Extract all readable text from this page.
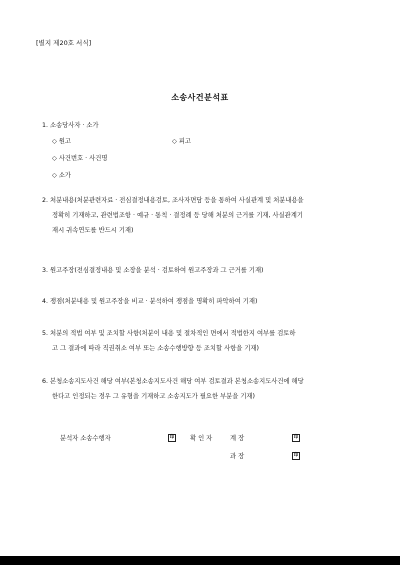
[별지 제20호 서식]
소송사건분석표
1. 소송당사자 · 소가
◇ 원고	◇ 피고
◇ 사건번호 · 사건명
◇ 소가
2. 처분내용(처분관련자료 · 전심결정내용검토, 조사자면담 등을 통하여 사실관계 및 처분내용을
정확히 기재하고, 관련법조항 · 예규 · 통칙 · 결정례 등 당해 처분의 근거를 기재, 사실관계기
재시 귀속연도를 반드시 기재)
3. 원고주장(전심결정내용 및 소장을 분석 · 검토하여 원고주장과 그 근거를 기재)
4. 쟁점(처분내용 및 원고주장을 비교 · 분석하여 쟁점을 명확히 파악하여 기재)
5. 처분의 적법 여부 및 조치할 사항(처분이 내용 및 절차적인 면에서 적법한지 여부를 검토하
고 그 결과에 따라 직권취소 여부 또는 소송수행방향 등 조치할 사항을 기재)
6. 본청소송지도사건 해당 여부(본청소송지도사건 해당 여부 검토결과 본청소송지도사건에 해당
한다고 인정되는 경우 그 유형을 기재하고 소송지도가 필요한 부분을 기재)
분석자 소송수행자	印	확 인 자	계 장	印
과 장	印
